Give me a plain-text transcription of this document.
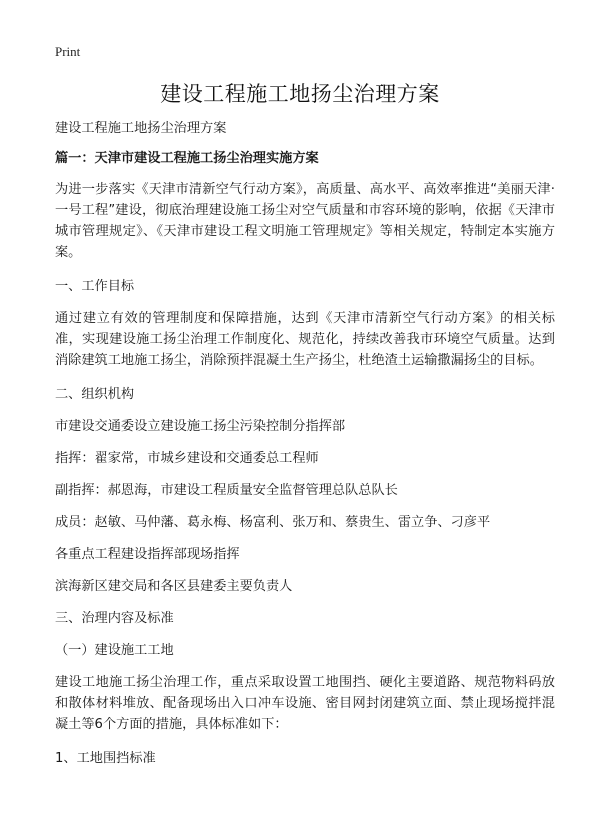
Print
建设工程施工地扬尘治理方案
建设工程施工地扬尘治理方案
篇一：天津市建设工程施工扬尘治理实施方案
为进一步落实《天津市清新空气行动方案》，高质量、高水平、高效率推进“美丽天津·一号工程”建设，彻底治理建设施工扬尘对空气质量和市容环境的影响，依据《天津市城市管理规定》、《天津市建设工程文明施工管理规定》等相关规定，特制定本实施方案。
一、工作目标
通过建立有效的管理制度和保障措施，达到《天津市清新空气行动方案》的相关标准，实现建设施工扬尘治理工作制度化、规范化，持续改善我市环境空气质量。达到消除建筑工地施工扬尘，消除预拌混凝土生产扬尘，杜绝渣土运输撒漏扬尘的目标。
二、组织机构
市建设交通委设立建设施工扬尘污染控制分指挥部
指挥：翟家常，市城乡建设和交通委总工程师
副指挥：郝恩海，市建设工程质量安全监督管理总队总队长
成员：赵敏、马仲藩、葛永梅、杨富利、张万和、蔡贵生、雷立争、刁彦平
各重点工程建设指挥部现场指挥
滨海新区建交局和各区县建委主要负责人
三、治理内容及标准
（一）建设施工工地
建设工地施工扬尘治理工作，重点采取设置工地围挡、硬化主要道路、规范物料码放和散体材料堆放、配备现场出入口冲车设施、密目网封闭建筑立面、禁止现场搅拌混凝土等6个方面的措施，具体标准如下：
1、工地围挡标准
